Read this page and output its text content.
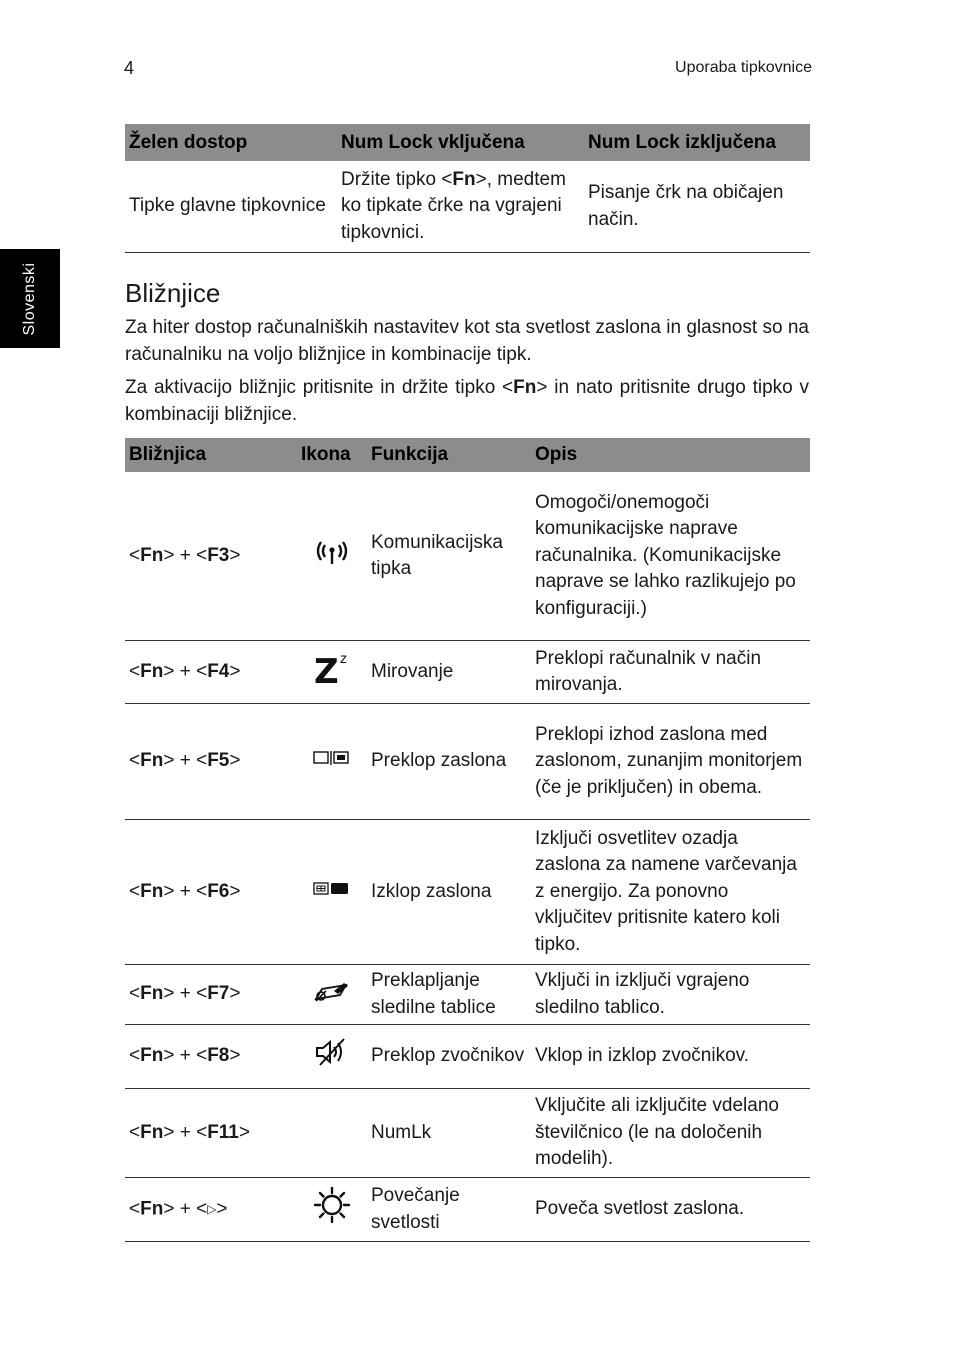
4	Uporaba tipkovnice
Slovenski
Želen dostop	Num Lock vključena	Num Lock izključena
Tipke glavne tipkovnice	Držite tipko <Fn>, medtem ko tipkate črke na vgrajeni tipkovnici.	Pisanje črk na običajen način.
Bližnjice

Za hiter dostop računalniških nastavitev kot sta svetlost zaslona in glasnost so na računalniku na voljo bližnjice in kombinacije tipk.

Za aktivacijo bližnjic pritisnite in držite tipko <Fn> in nato pritisnite drugo tipko v kombinaciji bližnjice.

Bližnjica	Ikona	Funkcija	Opis
<Fn> + <F3>		Komunikacijska tipka	Omogoči/onemogoči komunikacijske naprave računalnika. (Komunikacijske naprave se lahko razlikujejo po konfiguraciji.)
<Fn> + <F4>	Z z	Mirovanje	Preklopi računalnik v način mirovanja.
<Fn> + <F5>		Preklop zaslona	Preklopi izhod zaslona med zaslonom, zunanjim monitorjem (če je priključen) in obema.
<Fn> + <F6>		Izklop zaslona	Izključi osvetlitev ozadja zaslona za namene varčevanja z energijo. Za ponovno vključitev pritisnite katero koli tipko.
<Fn> + <F7>		Preklapljanje sledilne tablice	Vključi in izključi vgrajeno sledilno tablico.
<Fn> + <F8>		Preklop zvočnikov	Vklop in izklop zvočnikov.
<Fn> + <F11>		NumLk	Vključite ali izključite vdelano številčnico (le na določenih modelih).
<Fn> + <▷>		Povečanje svetlosti	Poveča svetlost zaslona.
